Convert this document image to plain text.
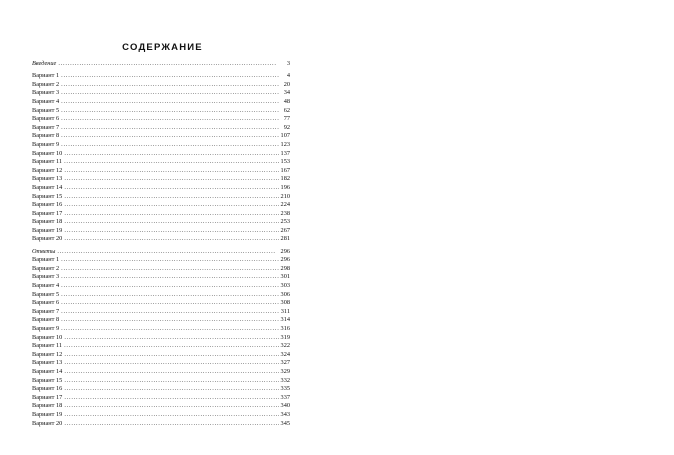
СОДЕРЖАНИЕ
Введение . . .	3
Вариант 1 . . .	4
Вариант 2 . . .	20
Вариант 3 . . .	34
Вариант 4 . . .	48
Вариант 5 . . .	62
Вариант 6 . . .	77
Вариант 7 . . .	92
Вариант 8 . . .	107
Вариант 9 . . .	123
Вариант 10 . . .	137
Вариант 11 . . .	153
Вариант 12 . . .	167
Вариант 13 . . .	182
Вариант 14 . . .	196
Вариант 15 . . .	210
Вариант 16 . . .	224
Вариант 17 . . .	238
Вариант 18 . . .	253
Вариант 19 . . .	267
Вариант 20 . . .	281
Ответы . . .	296
Вариант 1 . . .	296
Вариант 2 . . .	298
Вариант 3 . . .	301
Вариант 4 . . .	303
Вариант 5 . . .	306
Вариант 6 . . .	308
Вариант 7 . . .	311
Вариант 8 . . .	314
Вариант 9 . . .	316
Вариант 10 . . .	319
Вариант 11 . . .	322
Вариант 12 . . .	324
Вариант 13 . . .	327
Вариант 14 . . .	329
Вариант 15 . . .	332
Вариант 16 . . .	335
Вариант 17 . . .	337
Вариант 18 . . .	340
Вариант 19 . . .	343
Вариант 20 . . .	345
